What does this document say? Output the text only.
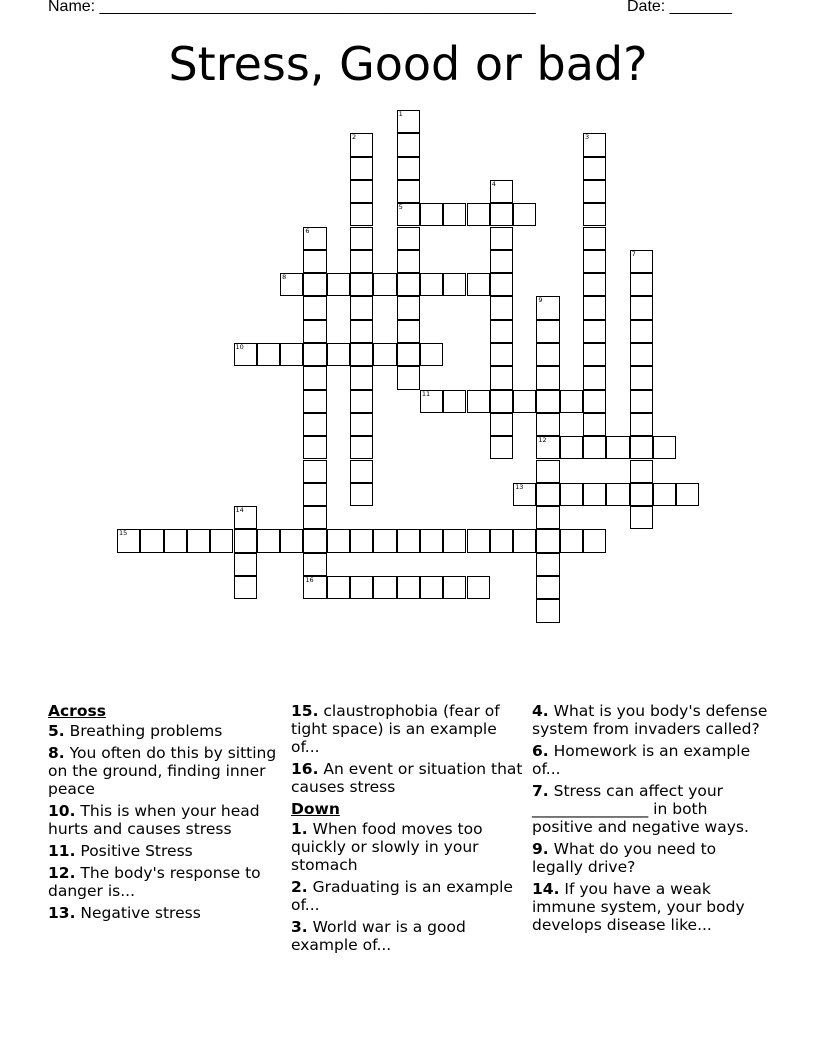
Name: _________________________________________________	Date: _______
Stress, Good or bad?
1
5
2	3
4
6
16
7
8
9
12
10
11
13
14
15
Across
5. Breathing problems
8. You often do this by sitting on the ground, finding inner peace
10. This is when your head hurts and causes stress
11. Positive Stress
12. The body's response to danger is...
13. Negative stress
15. claustrophobia (fear of tight space) is an example of...
16. An event or situation that causes stress
Down
1. When food moves too quickly or slowly in your stomach
2. Graduating is an example of...
3. World war is a good example of...
4. What is you body's defense system from invaders called?
6. Homework is an example of...
7. Stress can affect your _______________ in both positive and negative ways.
9. What do you need to legally drive?
14. If you have a weak immune system, your body develops disease like...
